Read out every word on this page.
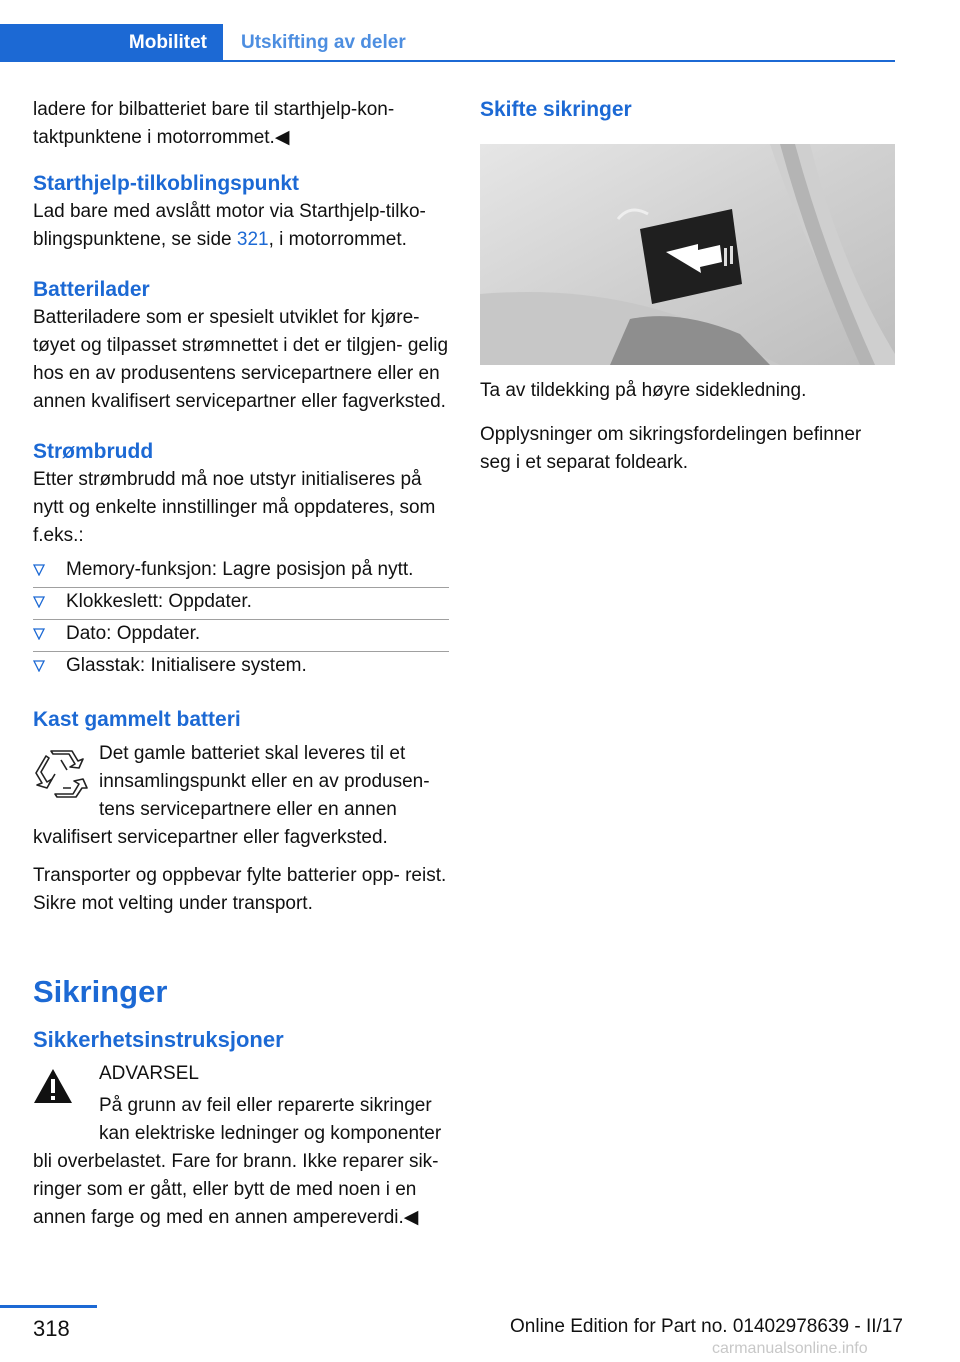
Mobilitet	Utskifting av deler

ladere for bilbatteriet bare til starthjelp-kon‐

taktpunktene i motorrommet.◀

Starthjelp-tilkoblingspunkt

Lad bare med avslått motor via Starthjelp-tilko‐ blingspunktene, se side 321, i motorrommet.

Batterilader

Batteriladere som er spesielt utviklet for kjøre‐ tøyet og tilpasset strømnettet i det er tilgjen‐ gelig hos en av produsentens servicepartnere eller en annen kvalifisert servicepartner eller fagverksted.

Strømbrudd

Etter strømbrudd må noe utstyr initialiseres på nytt og enkelte innstillinger må oppdateres, som f.eks.:

Memory-funksjon: Lagre posisjon på nytt.
Klokkeslett: Oppdater.
Dato: Oppdater.
Glasstak: Initialisere system.
Kast gammelt batteri

Det gamle batteriet skal leveres til et innsamlingspunkt eller en av produsen‐ tens servicepartnere eller en annen kvalifisert servicepartner eller fagverksted.

Transporter og oppbevar fylte batterier opp‐ reist. Sikre mot velting under transport.

Sikringer
Sikkerhetsinstruksjoner

ADVARSEL

På grunn av feil eller reparerte sikringer kan elektriske ledninger og komponenter bli overbelastet. Fare for brann. Ikke reparer sik‐ ringer som er gått, eller bytt de med noen i en annen farge og med en annen ampereverdi.◀

Skifte sikringer

Ta av tildekking på høyre sidekledning.

Opplysninger om sikringsfordelingen befinner seg i et separat foldeark.

318	Online Edition for Part no. 01402978639 - II/17
carmanualsonline.info
